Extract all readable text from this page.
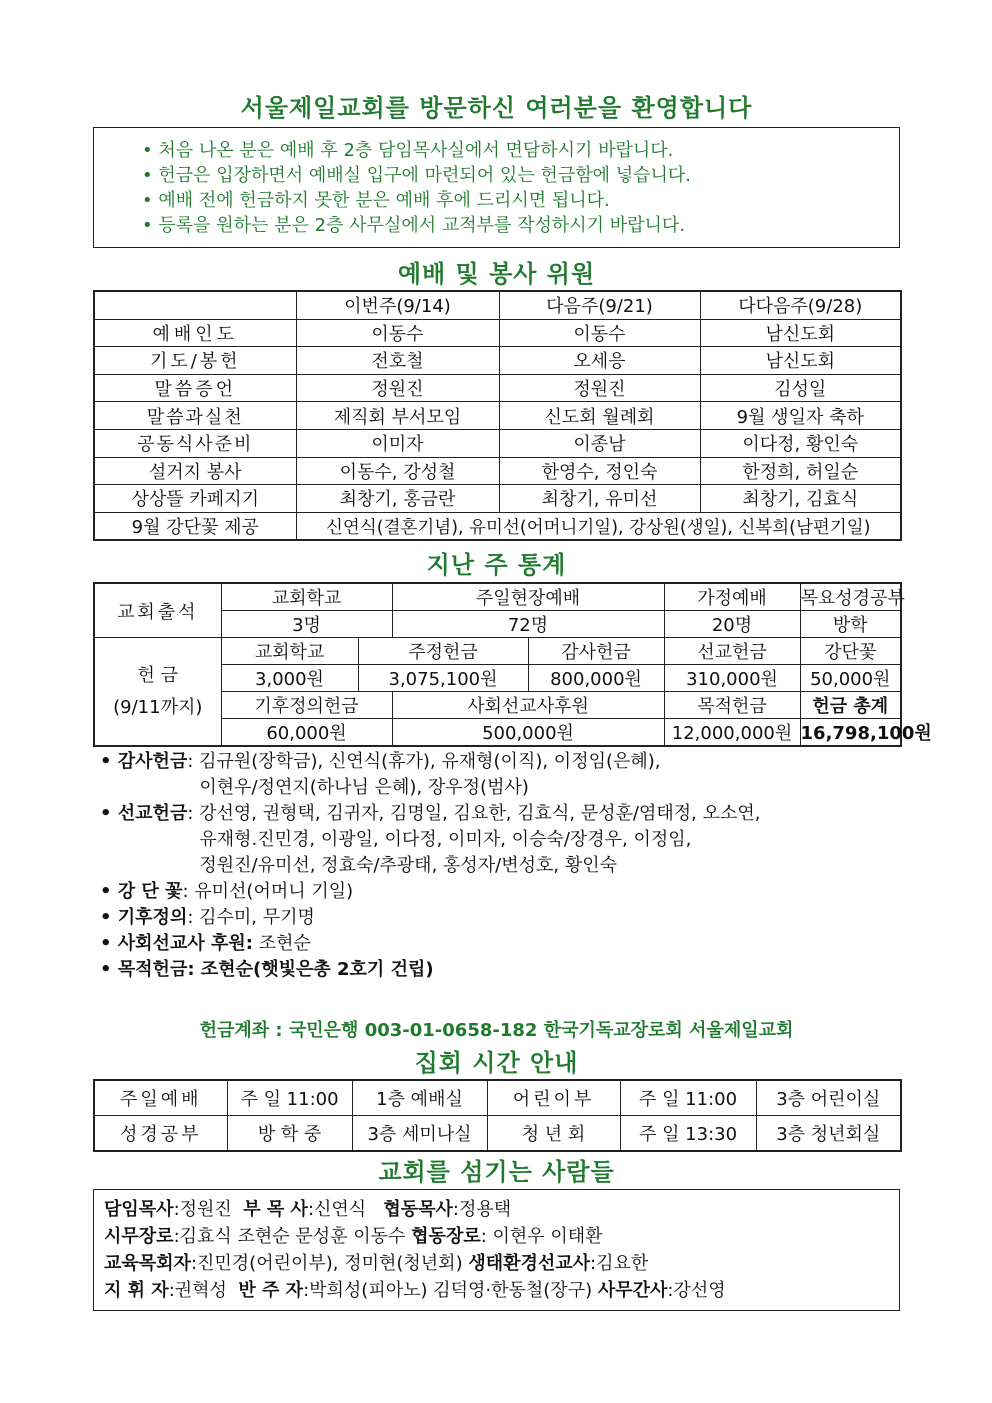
서울제일교회를 방문하신 여러분을 환영합니다
• 처음 나온 분은 예배 후 2층 담임목사실에서 면담하시기 바랍니다.
• 헌금은 입장하면서 예배실 입구에 마련되어 있는 헌금함에 넣습니다.
• 예배 전에 헌금하지 못한 분은 예배 후에 드리시면 됩니다.
• 등록을 원하는 분은 2층 사무실에서 교적부를 작성하시기 바랍니다.
예배 및 봉사 위원
	이번주(9/14)	다음주(9/21)	다다음주(9/28)
예배인도	이동수	이동수	남신도회
기도/봉헌	전호철	오세응	남신도회
말씀증언	정원진	정원진	김성일
말씀과실천	제직회 부서모임	신도회 월례회	9월 생일자 축하
공동식사준비	이미자	이종남	이다정, 황인숙
설거지 봉사	이동수, 강성철	한영수, 정인숙	한정희, 허일순
상상뜰 카페지기	최창기, 홍금란	최창기, 유미선	최창기, 김효식
9월 강단꽃 제공	신연식(결혼기념), 유미선(어머니기일), 강상원(생일), 신복희(남편기일)		
지난 주 통계
교회출석	교회학교		주일현장예배		가정예배	목요성경공부
	3명		72명		20명	방학

헌 금
(9/11까지)	교회학교	주정헌금		감사헌금	선교헌금	강단꽃
	3,000원	3,075,100원		800,000원	310,000원	50,000원
	기후정의헌금		사회선교사후원		목적헌금	헌금 총계
	60,000원		500,000원		12,000,000원	16,798,100원
• 감사헌금 : 김규원(장학금), 신연식(휴가), 유재형(이직), 이정임(은혜),
이현우/정연지(하나님 은혜), 장우정(범사)
• 선교헌금 : 강선영, 권형택, 김귀자, 김명일, 김요한, 김효식, 문성훈/염태정, 오소연,
유재형.진민경, 이광일, 이다정, 이미자, 이승숙/장경우, 이정임,
정원진/유미선, 정효숙/추광태, 홍성자/변성호, 황인숙
• 강 단 꽃 : 유미선(어머니 기일)
• 기후정의 : 김수미, 무기명
• 사회선교사 후원: 조현순
• 목적헌금: 조현순(햇빛은총 2호기 건립)
헌금계좌 : 국민은행 003-01-0658-182 한국기독교장로회 서울제일교회
집회 시간 안내
주일예배	주 일 11:00	1층 예배실	어린이부	주 일 11:00	3층 어린이실
성경공부	방 학 중	3층 세미나실	청 년 회	주 일 13:30	3층 청년회실
교회를 섬기는 사람들
담임목사:정원진  부 목 사:신연식   협동목사:정용택
시무장로:김효식 조현순 문성훈 이동수 협동장로: 이현우 이태환
교육목회자:진민경(어린이부), 정미현(청년회) 생태환경선교사:김요한
지 휘 자:권혁성  반 주 자:박희성(피아노) 김덕영·한동철(장구) 사무간사:강선영
